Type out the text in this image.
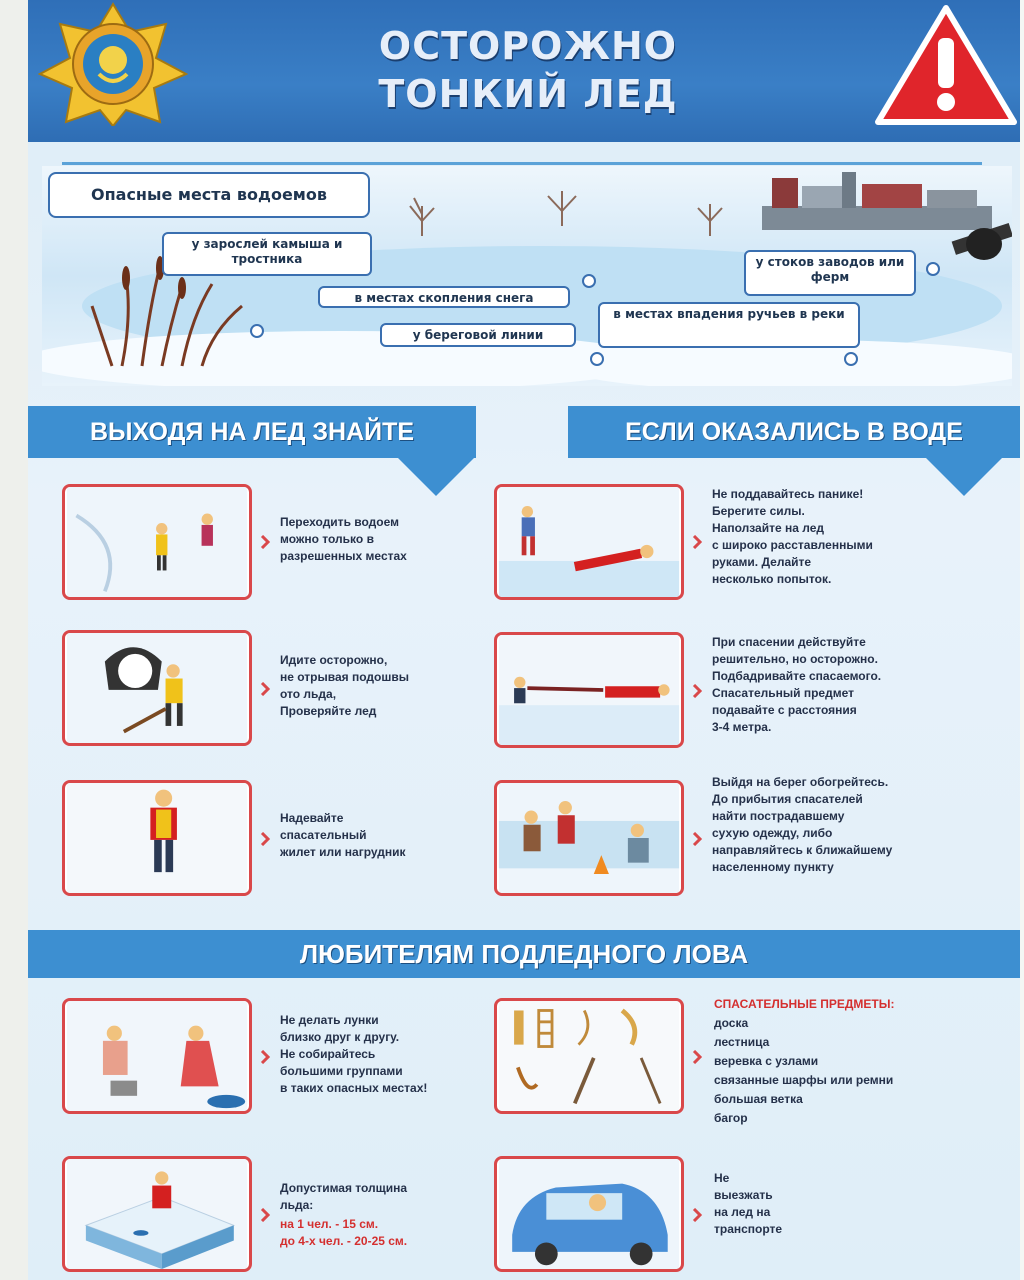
ОСТОРОЖНО
ТОНКИЙ ЛЕД
Опасные места водоемов
у зарослей камыша и тростника
в местах скопления снега
у береговой линии
у стоков заводов или ферм
в местах впадения ручьев в реки
ВЫХОДЯ НА ЛЕД ЗНАЙТЕ	ЕСЛИ ОКАЗАЛИСЬ В ВОДЕ
Переходить водоем
можно только в
разрешенных местах
Идите осторожно,
не отрывая подошвы
ото льда,
Проверяйте лед
Надевайте
спасательный
жилет или нагрудник
Не поддавайтесь панике!
Берегите силы.
Наползайте на лед
с широко расставленными
руками. Делайте
несколько попыток.
При спасении действуйте
решительно, но осторожно.
Подбадривайте спасаемого.
Спасательный предмет
подавайте с расстояния
3-4 метра.
Выйдя на берег обогрейтесь.
До прибытия спасателей
найти пострадавшему
сухую одежду, либо
направляйтесь к ближайшему
населенному пункту
ЛЮБИТЕЛЯМ ПОДЛЕДНОГО ЛОВА
Не делать лунки
близко друг к другу.
Не собирайтесь
большими группами
в таких опасных местах!
СПАСАТЕЛЬНЫЕ ПРЕДМЕТЫ:
доска
лестница
веревка с узлами
связанные шарфы или ремни
большая ветка
багор
Допустимая толщина
льда:
на 1 чел. - 15 см.
до 4-х чел. - 20-25 см.
Не
выезжать
на лед на
транспорте
